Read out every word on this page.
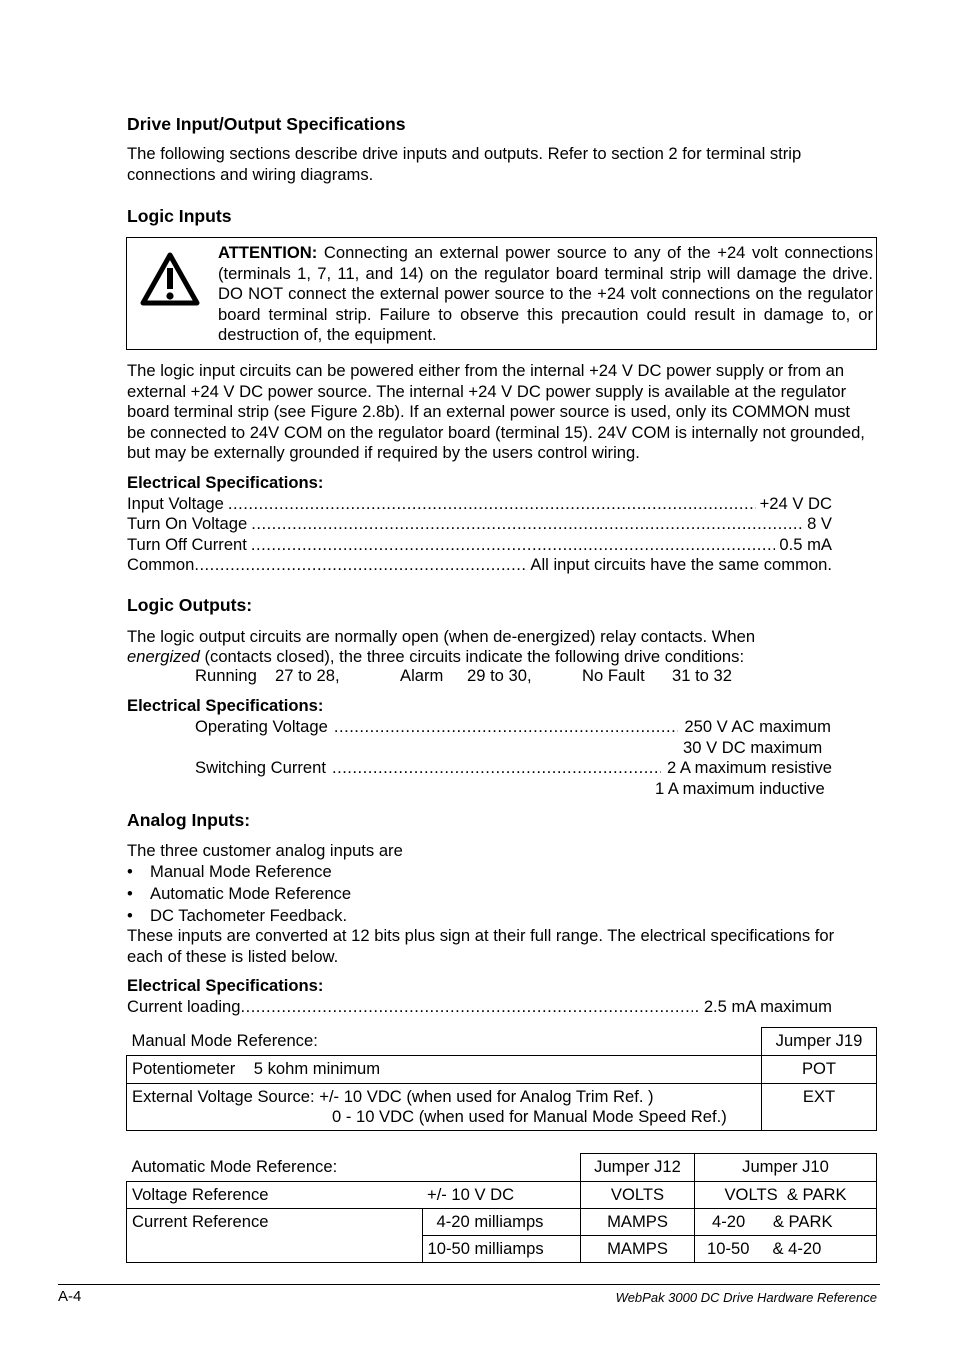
Drive Input/Output Specifications
The following sections describe drive inputs and outputs. Refer to section 2 for terminal strip connections and wiring diagrams.
Logic Inputs
ATTENTION: Connecting an external power source to any of the +24 volt connections (terminals 1, 7, 11, and 14) on the regulator board terminal strip will damage the drive. DO NOT connect the external power source to the +24 volt connections on the regulator board terminal strip. Failure to observe this precaution could result in damage to, or destruction of, the equipment.
The logic input circuits can be powered either from the internal +24 V DC power supply or from an external +24 V DC power source. The internal +24 V DC power supply is available at the regulator board terminal strip (see Figure 2.8b). If an external power source is used, only its COMMON must be connected to 24V COM on the regulator board (terminal 15). 24V COM is internally not grounded, but may be externally grounded if required by the users control wiring.
Electrical Specifications:
Input Voltage .....	+24 V DC
Turn On Voltage .....	8 V
Turn Off Current .....	0.5 mA
Common .....	All input circuits have the same common.
Logic Outputs:
The logic output circuits are normally open (when de-energized) relay contacts. When
energized (contacts closed), the three circuits indicate the following drive conditions:
Running 27 to 28,	Alarm 29 to 30,	No Fault 31 to 32
Electrical Specifications:
Operating Voltage .....	250 V AC maximum
30 V DC maximum
Switching Current .....	2 A maximum resistive
1 A maximum inductive
Analog Inputs:
The three customer analog inputs are
• Manual Mode Reference
• Automatic Mode Reference
• DC Tachometer Feedback.
These inputs are converted at 12 bits plus sign at their full range. The electrical specifications for each of these is listed below.
Electrical Specifications:
Current loading .....	. 2.5 mA maximum
Manual Mode Reference:	Jumper J19
Potentiometer    5 kohm minimum	POT

External Voltage Source: +/- 10 VDC (when used for Analog Trim Ref. )
0 - 10 VDC (when used for Manual Mode Speed Ref.)	EXT
Automatic Mode Reference:		Jumper J12	Jumper J10
Voltage Reference	+/- 10 V DC	VOLTS	VOLTS  & PARK
Current Reference	4-20 milliamps	MAMPS	4-20      & PARK
	10-50 milliamps	MAMPS	10-50     & 4-20
A-4	WebPak 3000 DC Drive Hardware Reference
